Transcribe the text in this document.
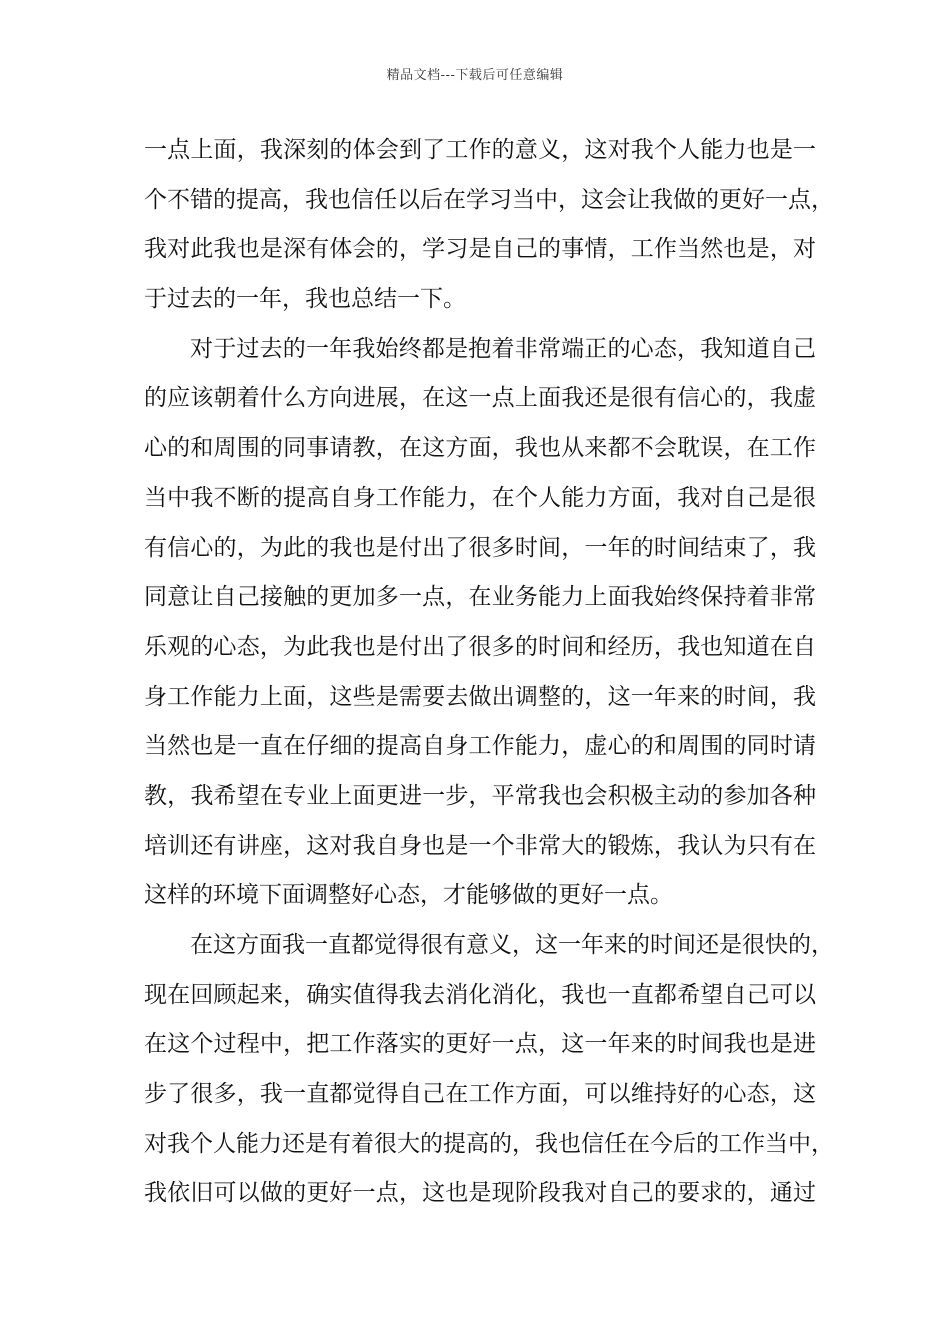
精品文档---下载后可任意编辑
一点上面，我深刻的体会到了工作的意义，这对我个人能力也是一
个不错的提高，我也信任以后在学习当中，这会让我做的更好一点，
我对此我也是深有体会的，学习是自己的事情，工作当然也是，对
于过去的一年，我也总结一下。
对于过去的一年我始终都是抱着非常端正的心态，我知道自己
的应该朝着什么方向进展，在这一点上面我还是很有信心的，我虚
心的和周围的同事请教，在这方面，我也从来都不会耽误，在工作
当中我不断的提高自身工作能力，在个人能力方面，我对自己是很
有信心的，为此的我也是付出了很多时间，一年的时间结束了，我
同意让自己接触的更加多一点，在业务能力上面我始终保持着非常
乐观的心态，为此我也是付出了很多的时间和经历，我也知道在自
身工作能力上面，这些是需要去做出调整的，这一年来的时间，我
当然也是一直在仔细的提高自身工作能力，虚心的和周围的同时请
教，我希望在专业上面更进一步，平常我也会积极主动的参加各种
培训还有讲座，这对我自身也是一个非常大的锻炼，我认为只有在
这样的环境下面调整好心态，才能够做的更好一点。
在这方面我一直都觉得很有意义，这一年来的时间还是很快的，
现在回顾起来，确实值得我去消化消化，我也一直都希望自己可以
在这个过程中，把工作落实的更好一点，这一年来的时间我也是进
步了很多，我一直都觉得自己在工作方面，可以维持好的心态，这
对我个人能力还是有着很大的提高的，我也信任在今后的工作当中，
我依旧可以做的更好一点，这也是现阶段我对自己的要求的，通过
